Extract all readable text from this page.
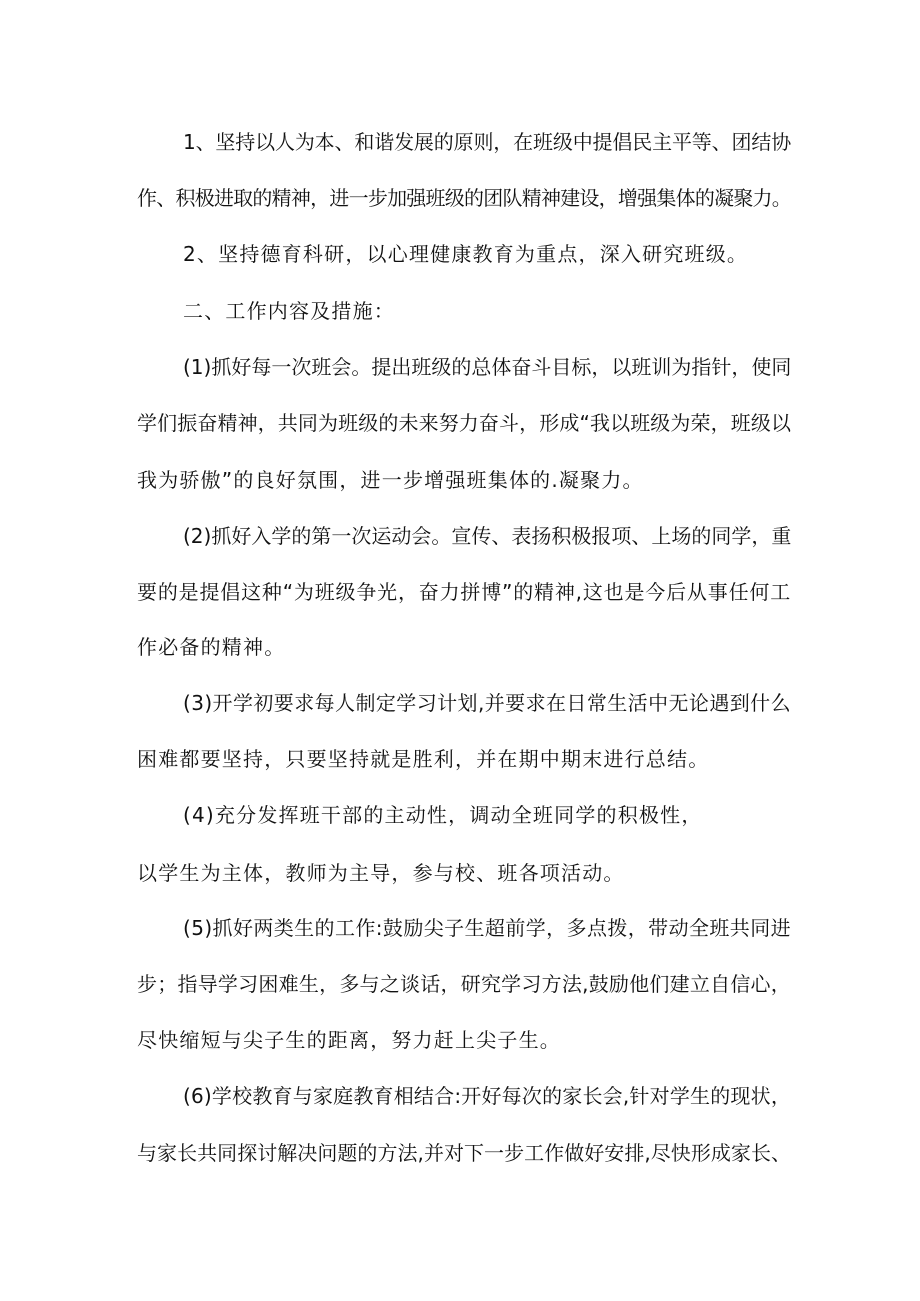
1、坚持以人为本、和谐发展的原则，在班级中提倡民主平等、团结协
作、积极进取的精神，进一步加强班级的团队精神建设，增强集体的凝聚力。
2、坚持德育科研，以心理健康教育为重点，深入研究班级。
二、工作内容及措施：
(1)抓好每一次班会。提出班级的总体奋斗目标，以班训为指针，使同
学们振奋精神，共同为班级的未来努力奋斗，形成“我以班级为荣，班级以
我为骄傲”的良好氛围，进一步增强班集体的.凝聚力。
(2)抓好入学的第一次运动会。宣传、表扬积极报项、上场的同学，重
要的是提倡这种“为班级争光，奋力拼博”的精神,这也是今后从事任何工
作必备的精神。
(3)开学初要求每人制定学习计划,并要求在日常生活中无论遇到什么
困难都要坚持，只要坚持就是胜利，并在期中期末进行总结。
(4)充分发挥班干部的主动性，调动全班同学的积极性，
以学生为主体，教师为主导，参与校、班各项活动。
(5)抓好两类生的工作:鼓励尖子生超前学，多点拨，带动全班共同进
步；指导学习困难生，多与之谈话，研究学习方法,鼓励他们建立自信心，
尽快缩短与尖子生的距离，努力赶上尖子生。
(6)学校教育与家庭教育相结合:开好每次的家长会,针对学生的现状，
与家长共同探讨解决问题的方法,并对下一步工作做好安排,尽快形成家长、
